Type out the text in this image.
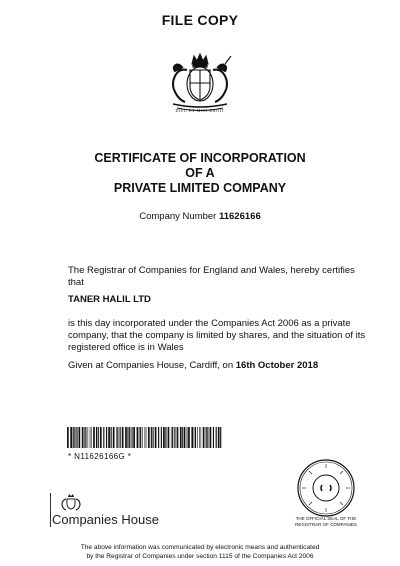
FILE COPY
DIEU ET MON DROIT
CERTIFICATE OF INCORPORATION
OF A
PRIVATE LIMITED COMPANY
Company Number 11626166
The Registrar of Companies for England and Wales, hereby certifies that
TANER HALIL LTD
is this day incorporated under the Companies Act 2006 as a private company, that the company is limited by shares, and the situation of its registered office is in Wales
Given at Companies House, Cardiff, on 16th October 2018
* N11626166G *
Companies House	THE OFFICIAL SEAL OF THE
REGISTRAR OF COMPANIES
The above information was communicated by electronic means and authenticated
by the Registrar of Companies under section 1115 of the Companies Act 2006
